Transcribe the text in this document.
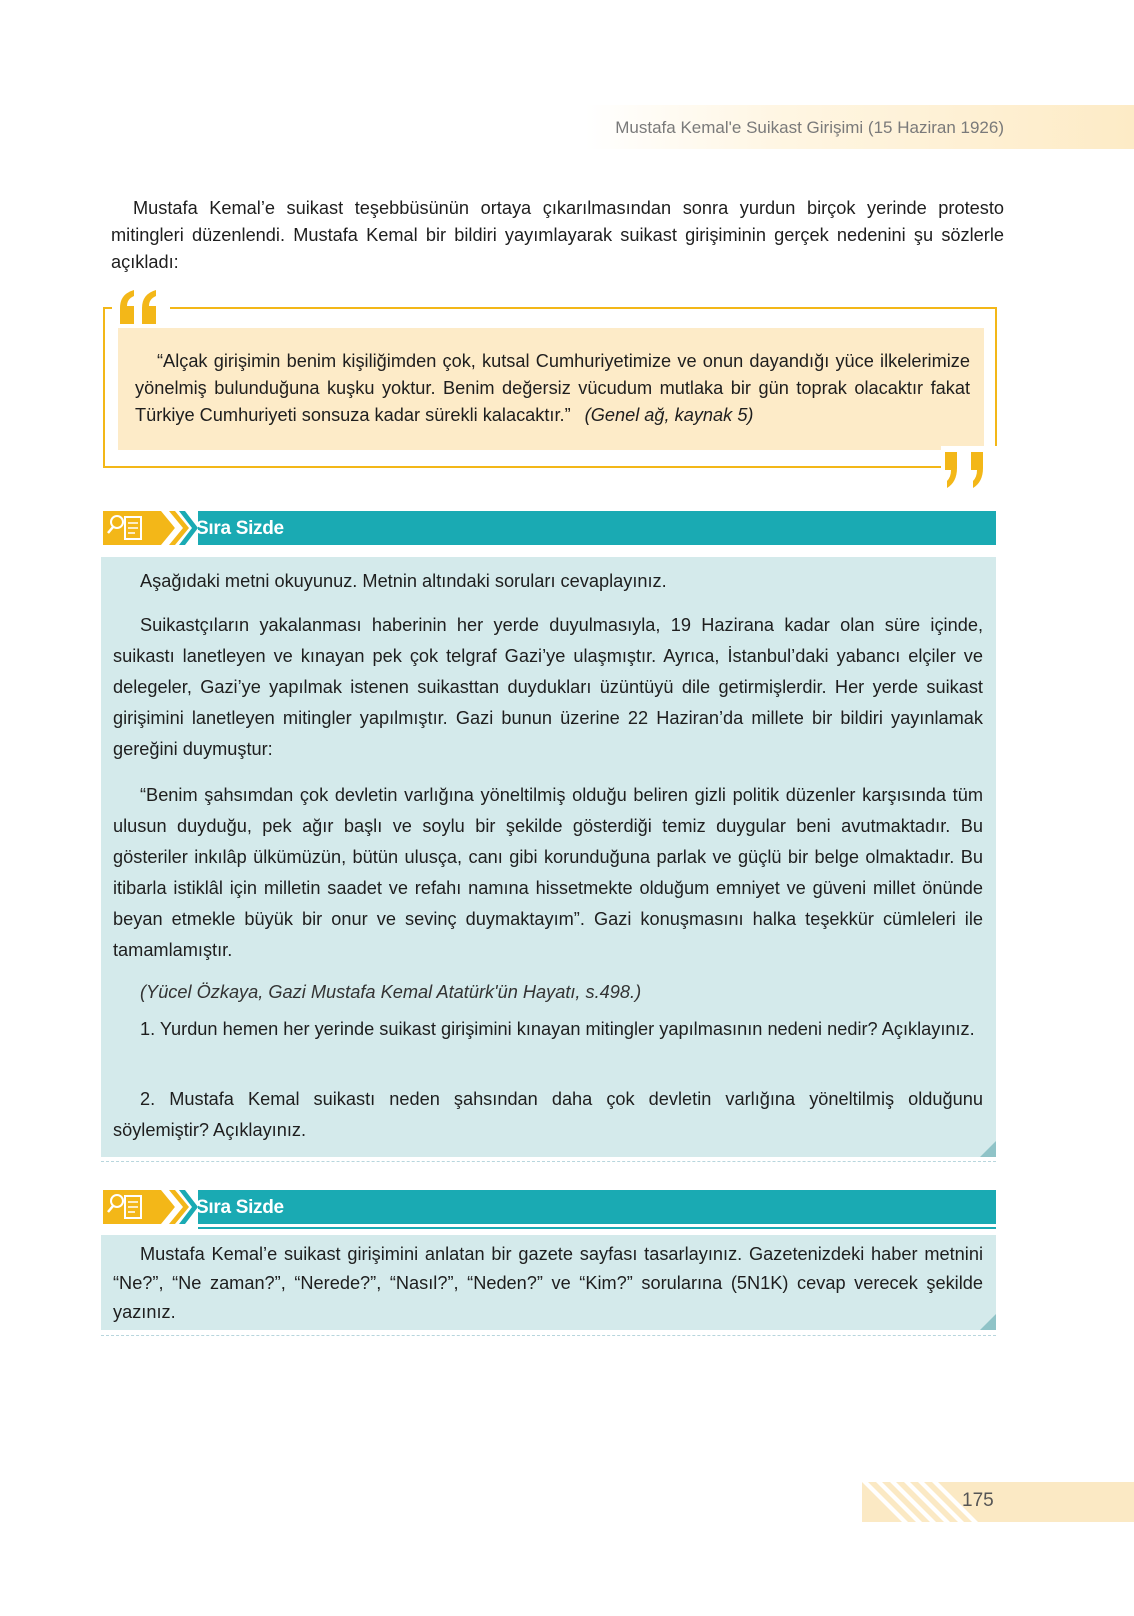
Mustafa Kemal'e Suikast Girişimi (15 Haziran 1926)

Mustafa Kemal’e suikast teşebbüsünün ortaya çıkarılmasından sonra yurdun birçok yerinde protesto mitingleri düzenlendi. Mustafa Kemal bir bildiri yayımlayarak suikast girişiminin gerçek nedenini şu sözlerle açıkladı:

“Alçak girişimin benim kişiliğimden çok, kutsal Cumhuriyetimize ve onun dayandığı yüce ilkelerimize yönelmiş bulunduğuna kuşku yoktur. Benim değersiz vücudum mutlaka bir gün toprak olacaktır fakat Türkiye Cumhuriyeti sonsuza kadar sürekli kalacaktır.” (Genel ağ, kaynak 5)

Sıra Sizde

Aşağıdaki metni okuyunuz. Metnin altındaki soruları cevaplayınız.

Suikastçıların yakalanması haberinin her yerde duyulmasıyla, 19 Hazirana kadar olan süre içinde, suikastı lanetleyen ve kınayan pek çok telgraf Gazi’ye ulaşmıştır. Ayrıca, İstanbul’daki yabancı elçiler ve delegeler, Gazi’ye yapılmak istenen suikasttan duydukları üzüntüyü dile getirmişlerdir. Her yerde suikast girişimini lanetleyen mitingler yapılmıştır. Gazi bunun üzerine 22 Haziran’da millete bir bildiri yayınlamak gereğini duymuştur:

“Benim şahsımdan çok devletin varlığına yöneltilmiş olduğu beliren gizli politik düzenler karşısında tüm ulusun duyduğu, pek ağır başlı ve soylu bir şekilde gösterdiği temiz duygular beni avutmaktadır. Bu gösteriler inkılâp ülkümüzün, bütün ulusça, canı gibi korunduğuna parlak ve güçlü bir belge olmaktadır. Bu itibarla istiklâl için milletin saadet ve refahı namına hissetmekte olduğum emniyet ve güveni millet önünde beyan etmekle büyük bir onur ve sevinç duymaktayım”. Gazi konuşmasını halka teşekkür cümleleri ile tamamlamıştır.

(Yücel Özkaya, Gazi Mustafa Kemal Atatürk'ün Hayatı, s.498.)

1. Yurdun hemen her yerinde suikast girişimini kınayan mitingler yapılmasının nedeni nedir? Açıklayınız.

2. Mustafa Kemal suikastı neden şahsından daha çok devletin varlığına yöneltilmiş olduğunu söylemiştir? Açıklayınız.

Sıra Sizde

Mustafa Kemal’e suikast girişimini anlatan bir gazete sayfası tasarlayınız. Gazetenizdeki haber metnini “Ne?”, “Ne zaman?”, “Nerede?”, “Nasıl?”, “Neden?” ve “Kim?” sorularına (5N1K) cevap verecek şekilde yazınız.

175
